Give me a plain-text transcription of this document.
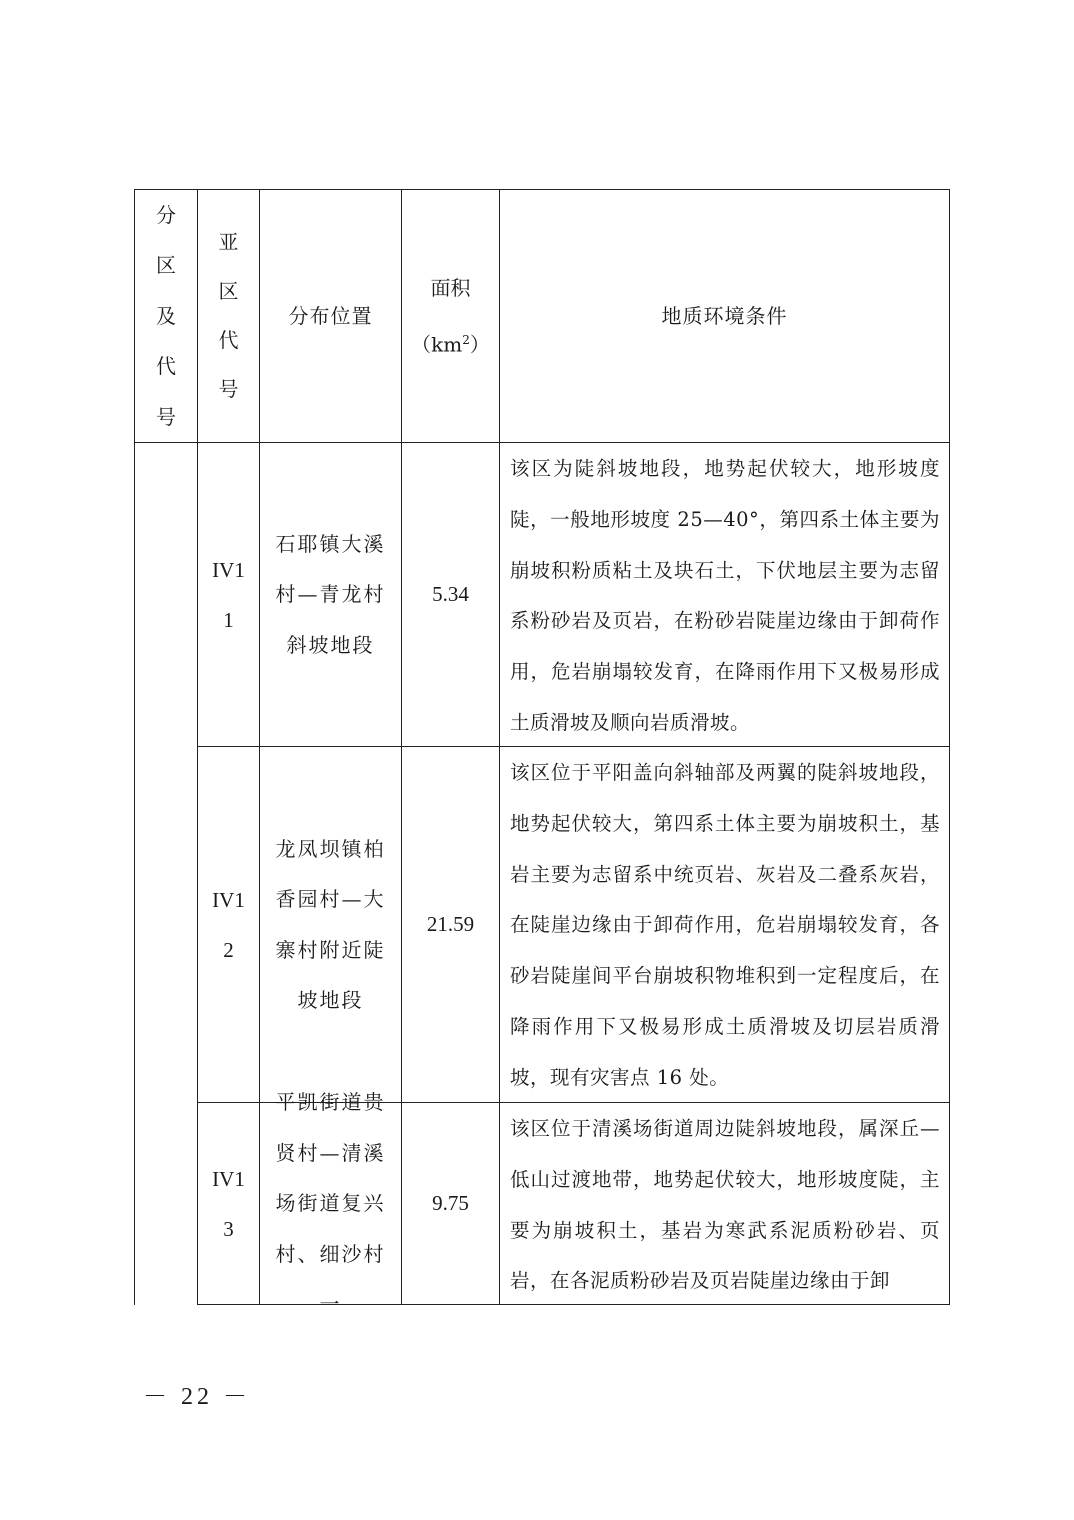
分区及代号
亚区代号
分布位置
面积
$(km^2)$
地质环境条件
IV11
石耶镇大溪村—青龙村斜坡地段
5.34
该区为陡斜坡地段，地势起伏较大，地形坡度陡，一般地形坡度 25—40°，第四系土体主要为崩坡积粉质粘土及块石土，下伏地层主要为志留系粉砂岩及页岩，在粉砂岩陡崖边缘由于卸荷作用，危岩崩塌较发育，在降雨作用下又极易形成土质滑坡及顺向岩质滑坡。
IV12
龙凤坝镇柏香园村—大寨村附近陡坡地段
21.59
该区位于平阳盖向斜轴部及两翼的陡斜坡地段，地势起伏较大，第四系土体主要为崩坡积土，基岩主要为志留系中统页岩、灰岩及二叠系灰岩，在陡崖边缘由于卸荷作用，危岩崩塌较发育，各砂岩陡崖间平台崩坡积物堆积到一定程度后，在降雨作用下又极易形成土质滑坡及切层岩质滑坡，现有灾害点 16 处。
IV13
平凯街道贵贤村—清溪场街道复兴村、细沙村一
9.75
该区位于清溪场街道周边陡斜坡地段，属深丘—低山过渡地带，地势起伏较大，地形坡度陡，主要为崩坡积土，基岩为寒武系泥质粉砂岩、页岩，在各泥质粉砂岩及页岩陡崖边缘由于卸
－ 22 －
